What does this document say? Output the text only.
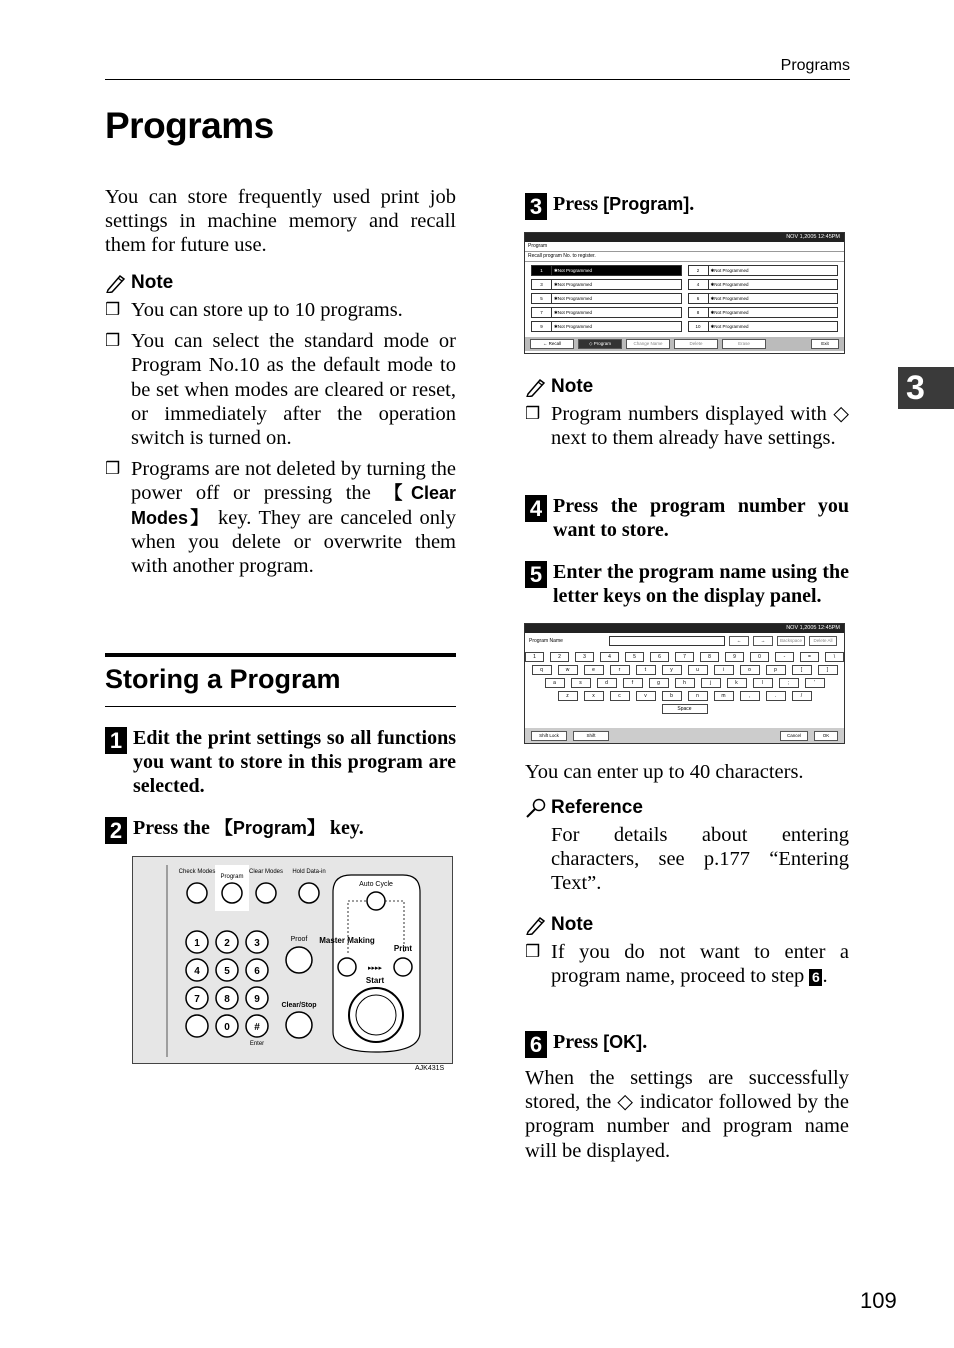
Programs
Programs
3
You can store frequently used print job settings in machine memory and recall them for future use.
Note
❒ You can store up to 10 programs.
❒ You can select the standard mode or Program No.10 as the default mode to be set when modes are cleared or reset, or immediately after the operation switch is turned on.
❒ Programs are not deleted by turning the power off or pressing the 【Clear Modes】 key. They are canceled only when you delete or overwrite them with another program.
Storing a Program
1 Edit the print settings so all functions you want to store in this program are selected.
2 Press the 【Program】 key.
Check Modes
Program
Clear Modes Hold Data-in
Auto Cycle
1 2 3
4 5 6
7 8 9
0 #
Enter
Proof Master Making
Print
▸▸▸▸
Start
Clear/Stop
AJK431S
3 Press [Program].
NOV 1,2005 12:45PM
Program
Recall program No. to register.
1	✱Not Programmed	2	✱Not Programmed
3	✱Not Programmed	4	✱Not Programmed
5	✱Not Programmed	6	✱Not Programmed
7	✱Not Programmed	8	✱Not Programmed
9	✱Not Programmed	10	✱Not Programmed
← Recall	◇ Program	Change Name	Delete	Erase	Exit
Note
❒ Program numbers displayed with ◇ next to them already have settings.
4 Press the program number you want to store.
5 Enter the program name using the letter keys on the display panel.
NOV 1,2005 12:45PM
Program Name	←	→	Backspace	Delete All
1	2	3	4	5	6	7	8	9	0	-	=	\
q	w	e	r	t	y	u	i	o	p	[	]
a	s	d	f	g	h	j	k	l	;	'
z	x	c	v	b	n	m	,	.	/
Space
Shift Lock	Shift	Cancel	OK
You can enter up to 40 characters.
Reference
For details about entering characters, see p.177 “Entering Text”.
Note
❒ If you do not want to enter a program name, proceed to step 6 .
6 Press [OK].
When the settings are successfully stored, the ◇ indicator followed by the program number and program name will be displayed.
109
